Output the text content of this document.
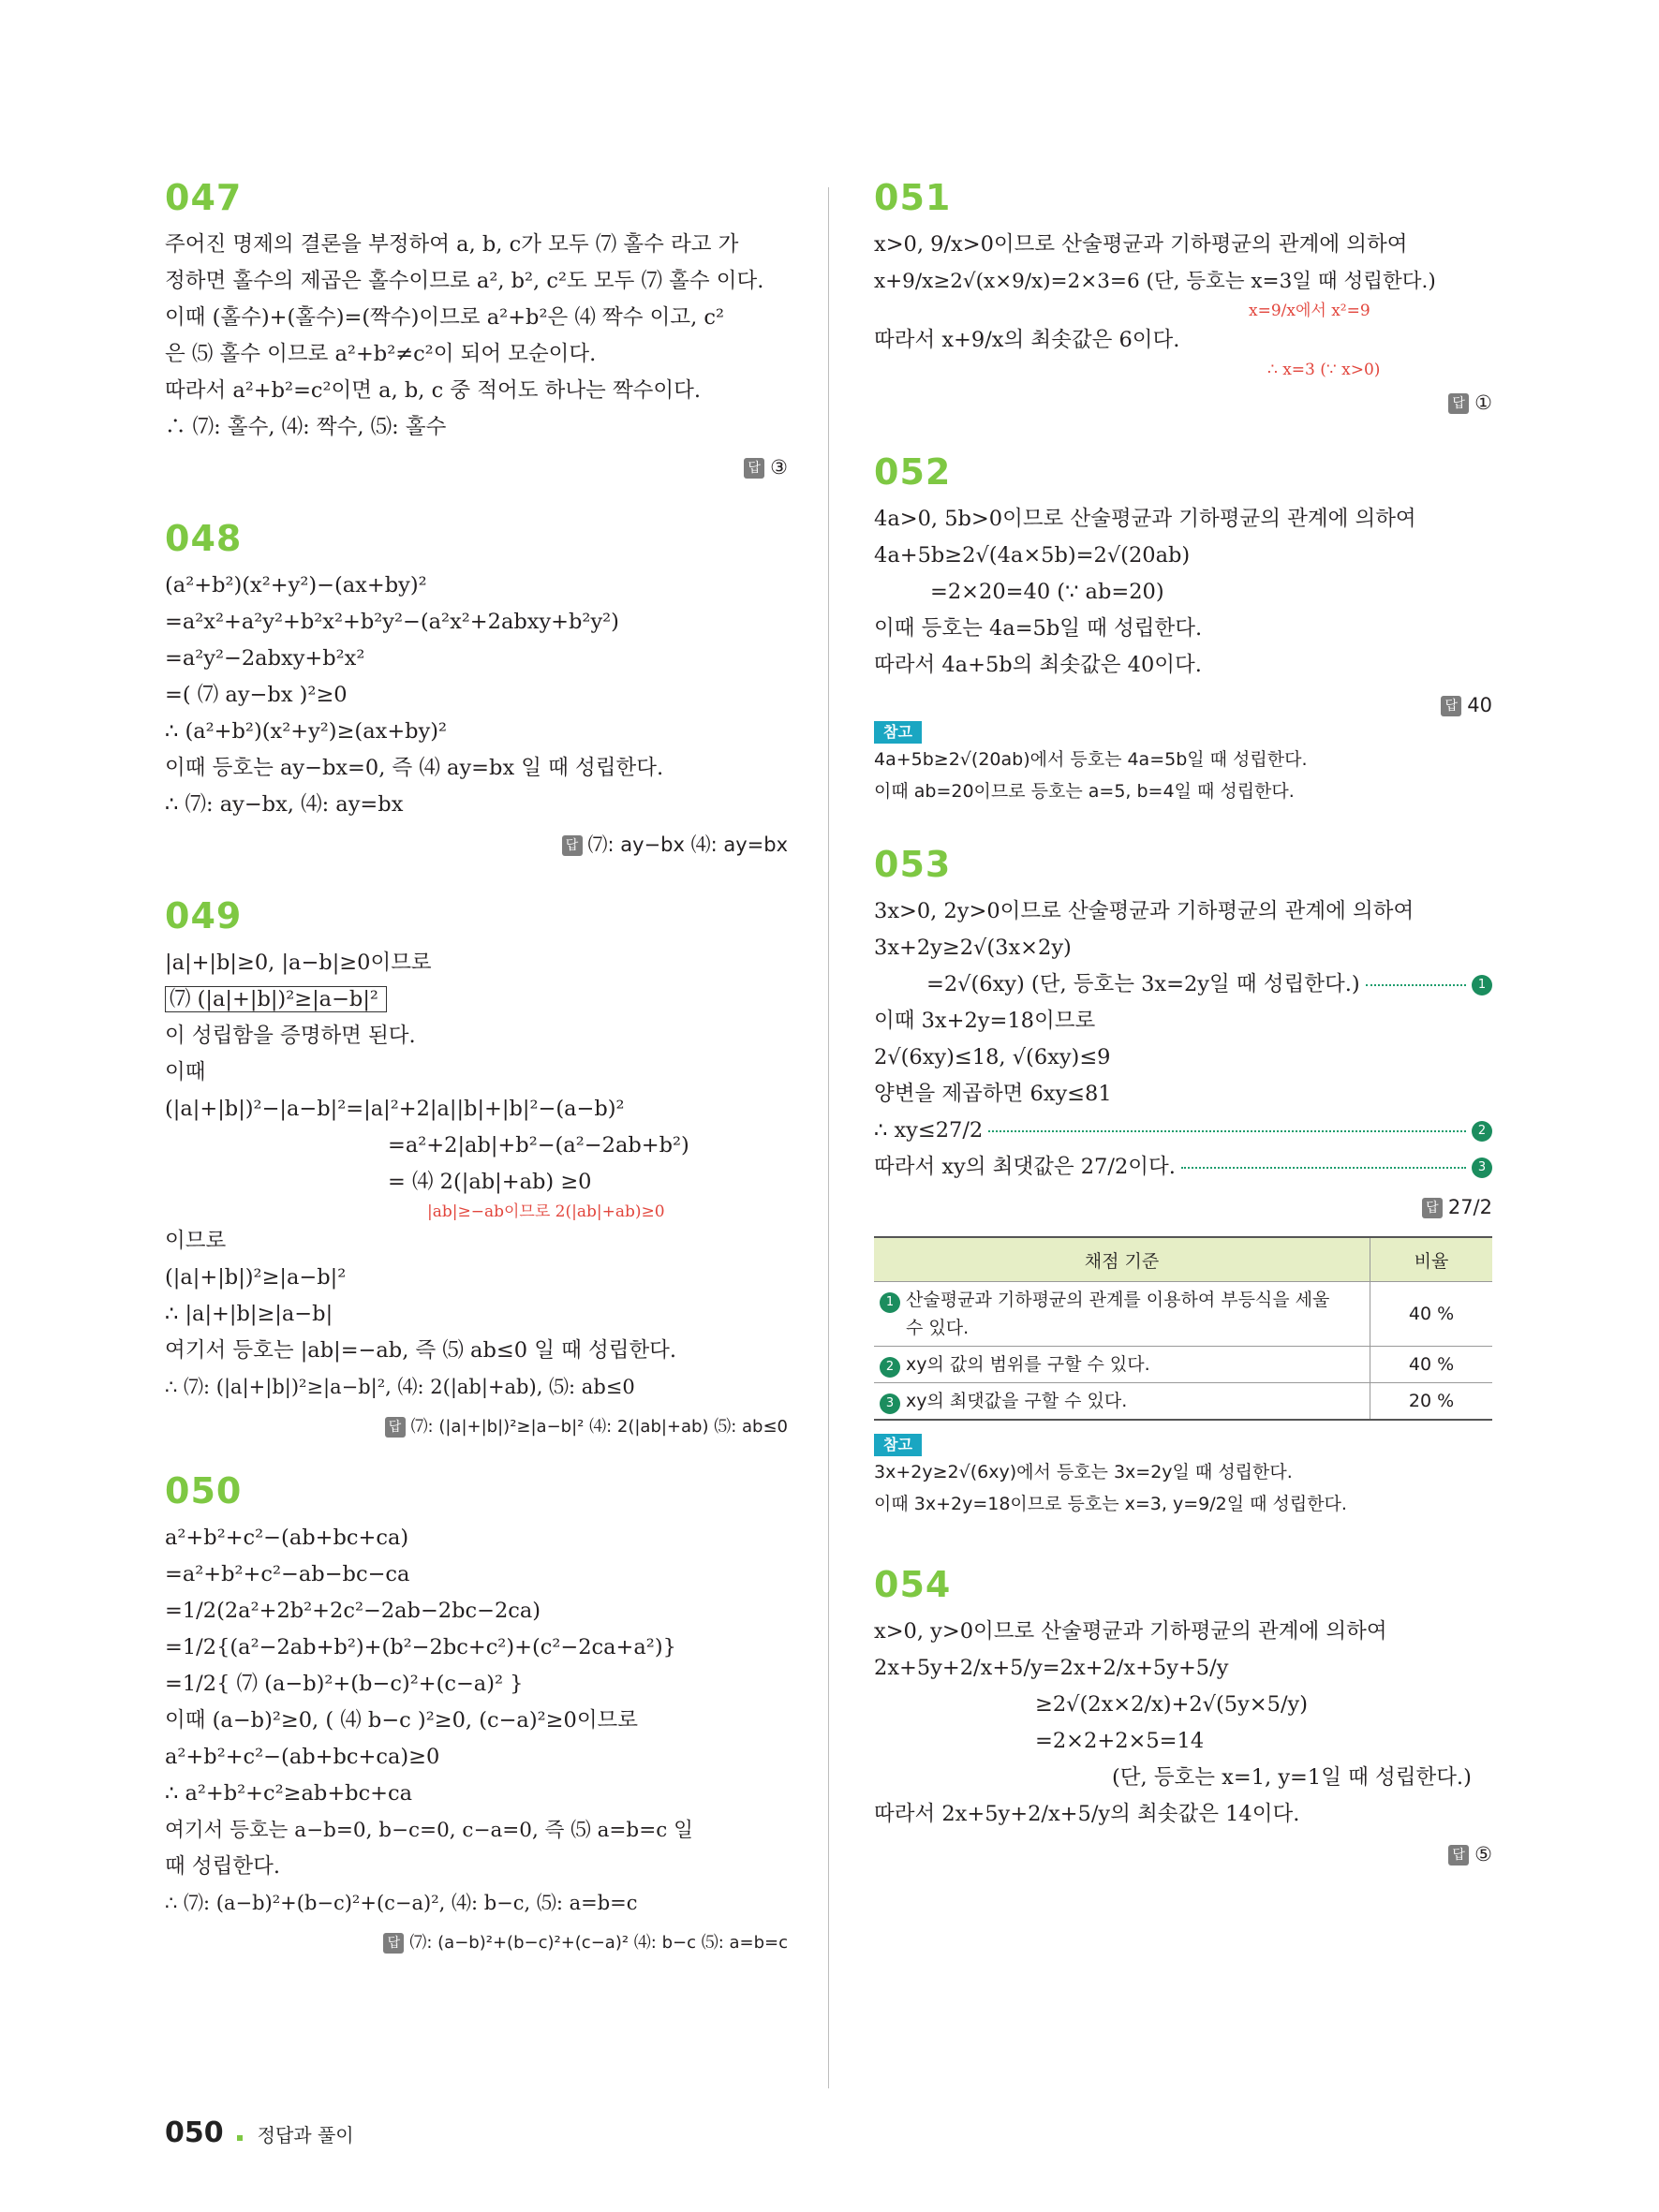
047
주어진 명제의 결론을 부정하여 a, b, c가 모두 ⑺ 홀수 라고 가
정하면 홀수의 제곱은 홀수이므로 a², b², c²도 모두 ⑺ 홀수 이다.
이때 (홀수)+(홀수)=(짝수)이므로 a²+b²은 ⑷ 짝수 이고, c²
은 ⑸ 홀수 이므로 a²+b²≠c²이 되어 모순이다.
따라서 a²+b²=c²이면 a, b, c 중 적어도 하나는 짝수이다.
∴ ⑺: 홀수, ⑷: 짝수, ⑸: 홀수
답 ③
048
(a²+b²)(x²+y²)−(ax+by)²
=a²x²+a²y²+b²x²+b²y²−(a²x²+2abxy+b²y²)
=a²y²−2abxy+b²x²
=( ⑺ ay−bx )²≥0
∴ (a²+b²)(x²+y²)≥(ax+by)²
이때 등호는 ay−bx=0, 즉 ⑷ ay=bx 일 때 성립한다.
∴ ⑺: ay−bx, ⑷: ay=bx
답 ⑺: ay−bx ⑷: ay=bx
049
|a|+|b|≥0, |a−b|≥0이므로
⑺ (|a|+|b|)²≥|a−b|²
이 성립함을 증명하면 된다.
이때
(|a|+|b|)²−|a−b|²=|a|²+2|a||b|+|b|²−(a−b)²
=a²+2|ab|+b²−(a²−2ab+b²)
= ⑷ 2(|ab|+ab) ≥0
|ab|≥−ab이므로 2(|ab|+ab)≥0
이므로
(|a|+|b|)²≥|a−b|²
∴ |a|+|b|≥|a−b|
여기서 등호는 |ab|=−ab, 즉 ⑸ ab≤0 일 때 성립한다.
∴ ⑺: (|a|+|b|)²≥|a−b|², ⑷: 2(|ab|+ab), ⑸: ab≤0
답 ⑺: (|a|+|b|)²≥|a−b|² ⑷: 2(|ab|+ab) ⑸: ab≤0
050
a²+b²+c²−(ab+bc+ca)
=a²+b²+c²−ab−bc−ca
=1/2(2a²+2b²+2c²−2ab−2bc−2ca)
=1/2{(a²−2ab+b²)+(b²−2bc+c²)+(c²−2ca+a²)}
=1/2{ ⑺ (a−b)²+(b−c)²+(c−a)² }
이때 (a−b)²≥0, ( ⑷ b−c )²≥0, (c−a)²≥0이므로
a²+b²+c²−(ab+bc+ca)≥0
∴ a²+b²+c²≥ab+bc+ca
여기서 등호는 a−b=0, b−c=0, c−a=0, 즉 ⑸ a=b=c 일
때 성립한다.
∴ ⑺: (a−b)²+(b−c)²+(c−a)², ⑷: b−c, ⑸: a=b=c
답 ⑺: (a−b)²+(b−c)²+(c−a)² ⑷: b−c ⑸: a=b=c
051
x>0, 9/x>0이므로 산술평균과 기하평균의 관계에 의하여
x+9/x≥2√(x×9/x)=2×3=6 (단, 등호는 x=3일 때 성립한다.)
x=9/x에서 x²=9
따라서 x+9/x의 최솟값은 6이다.
∴ x=3 (∵ x>0)
답 ①
052
4a>0, 5b>0이므로 산술평균과 기하평균의 관계에 의하여
4a+5b≥2√(4a×5b)=2√(20ab)
=2×20=40 (∵ ab=20)
이때 등호는 4a=5b일 때 성립한다.
따라서 4a+5b의 최솟값은 40이다.
답 40
참고
4a+5b≥2√(20ab)에서 등호는 4a=5b일 때 성립한다.
이때 ab=20이므로 등호는 a=5, b=4일 때 성립한다.
053
3x>0, 2y>0이므로 산술평균과 기하평균의 관계에 의하여
3x+2y≥2√(3x×2y)
=2√(6xy) (단, 등호는 3x=2y일 때 성립한다.)	1
이때 3x+2y=18이므로
2√(6xy)≤18, √(6xy)≤9
양변을 제곱하면 6xy≤81
∴ xy≤27/2	2
따라서 xy의 최댓값은 27/2이다.	3
답 27/2
채점 기준	비율
1 산술평균과 기하평균의 관계를 이용하여 부등식을 세울
수 있다.	40 %
2 xy의 값의 범위를 구할 수 있다.	40 %
3 xy의 최댓값을 구할 수 있다.	20 %
참고
3x+2y≥2√(6xy)에서 등호는 3x=2y일 때 성립한다.
이때 3x+2y=18이므로 등호는 x=3, y=9/2일 때 성립한다.
054
x>0, y>0이므로 산술평균과 기하평균의 관계에 의하여
2x+5y+2/x+5/y=2x+2/x+5y+5/y
≥2√(2x×2/x)+2√(5y×5/y)
=2×2+2×5=14
(단, 등호는 x=1, y=1일 때 성립한다.)
따라서 2x+5y+2/x+5/y의 최솟값은 14이다.
답 ⑤
050 정답과 풀이
